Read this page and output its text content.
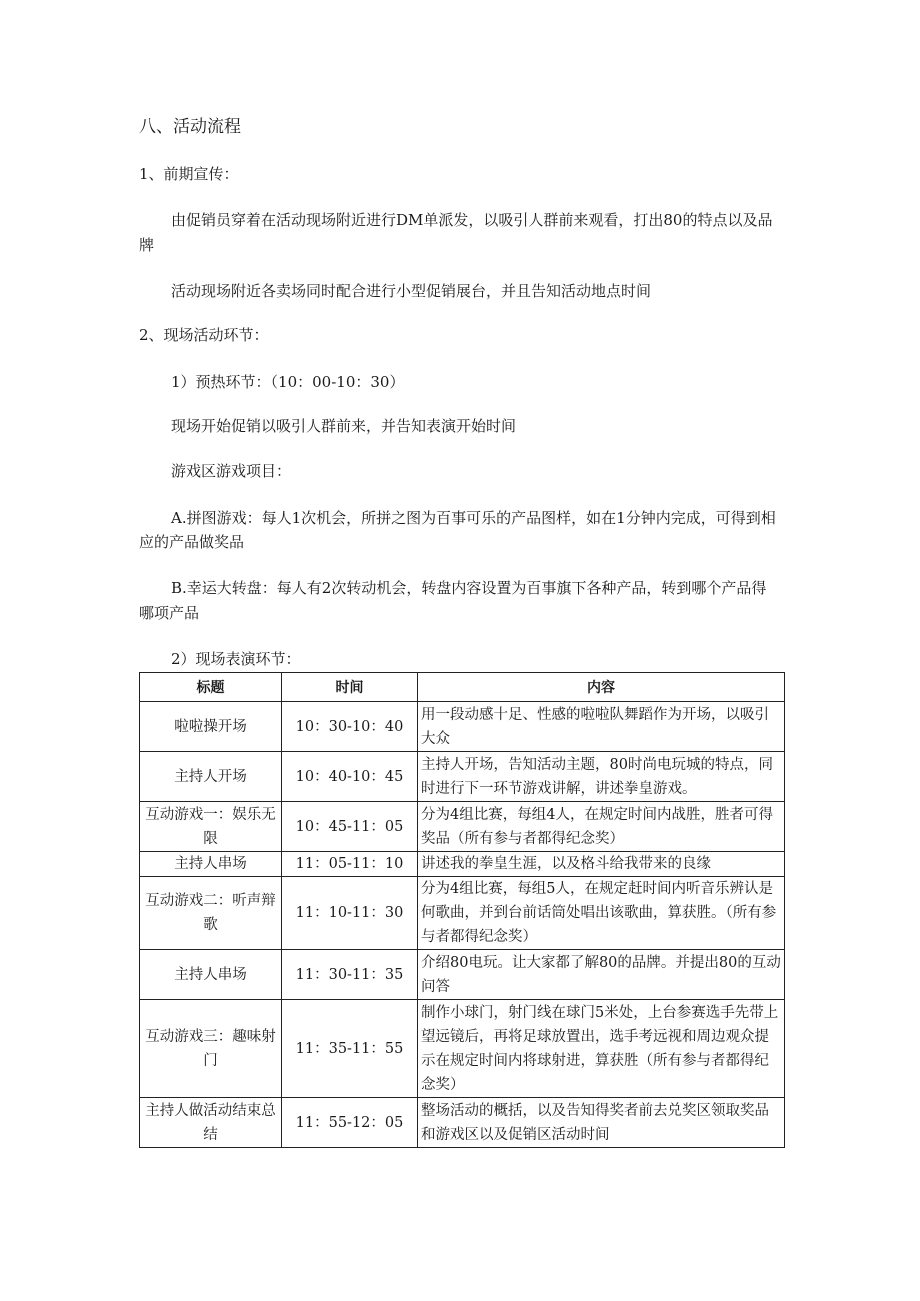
八、活动流程
1、前期宣传：
由促销员穿着在活动现场附近进行DM单派发，以吸引人群前来观看，打出80的特点以及品
牌
活动现场附近各卖场同时配合进行小型促销展台，并且告知活动地点时间
2、现场活动环节：
1）预热环节：（10：00-10：30）
现场开始促销以吸引人群前来，并告知表演开始时间
游戏区游戏项目：
A.拼图游戏：每人1次机会，所拼之图为百事可乐的产品图样，如在1分钟内完成，可得到相
应的产品做奖品
B.幸运大转盘：每人有2次转动机会，转盘内容设置为百事旗下各种产品，转到哪个产品得
哪项产品
2）现场表演环节：
标题	时间	内容
啦啦操开场	10：30-10：40	用一段动感十足、性感的啦啦队舞蹈作为开场，以吸引大众
主持人开场	10：40-10：45	主持人开场，告知活动主题，80时尚电玩城的特点，同时进行下一环节游戏讲解，讲述拳皇游戏。
互动游戏一：娱乐无限	10：45-11：05	分为4组比赛，每组4人，在规定时间内战胜，胜者可得奖品（所有参与者都得纪念奖）
主持人串场	11：05-11：10	讲述我的拳皇生涯，以及格斗给我带来的良缘
互动游戏二：听声辩歌	11：10-11：30	分为4组比赛，每组5人，在规定赶时间内听音乐辨认是何歌曲，并到台前话筒处唱出该歌曲，算获胜。（所有参与者都得纪念奖）
主持人串场	11：30-11：35	介绍80电玩。让大家都了解80的品牌。并提出80的互动问答
互动游戏三：趣味射门	11：35-11：55	制作小球门，射门线在球门5米处，上台参赛选手先带上望远镜后，再将足球放置出，选手考远视和周边观众提示在规定时间内将球射进，算获胜（所有参与者都得纪念奖）
主持人做活动结束总结	11：55-12：05	整场活动的概括，以及告知得奖者前去兑奖区领取奖品和游戏区以及促销区活动时间
